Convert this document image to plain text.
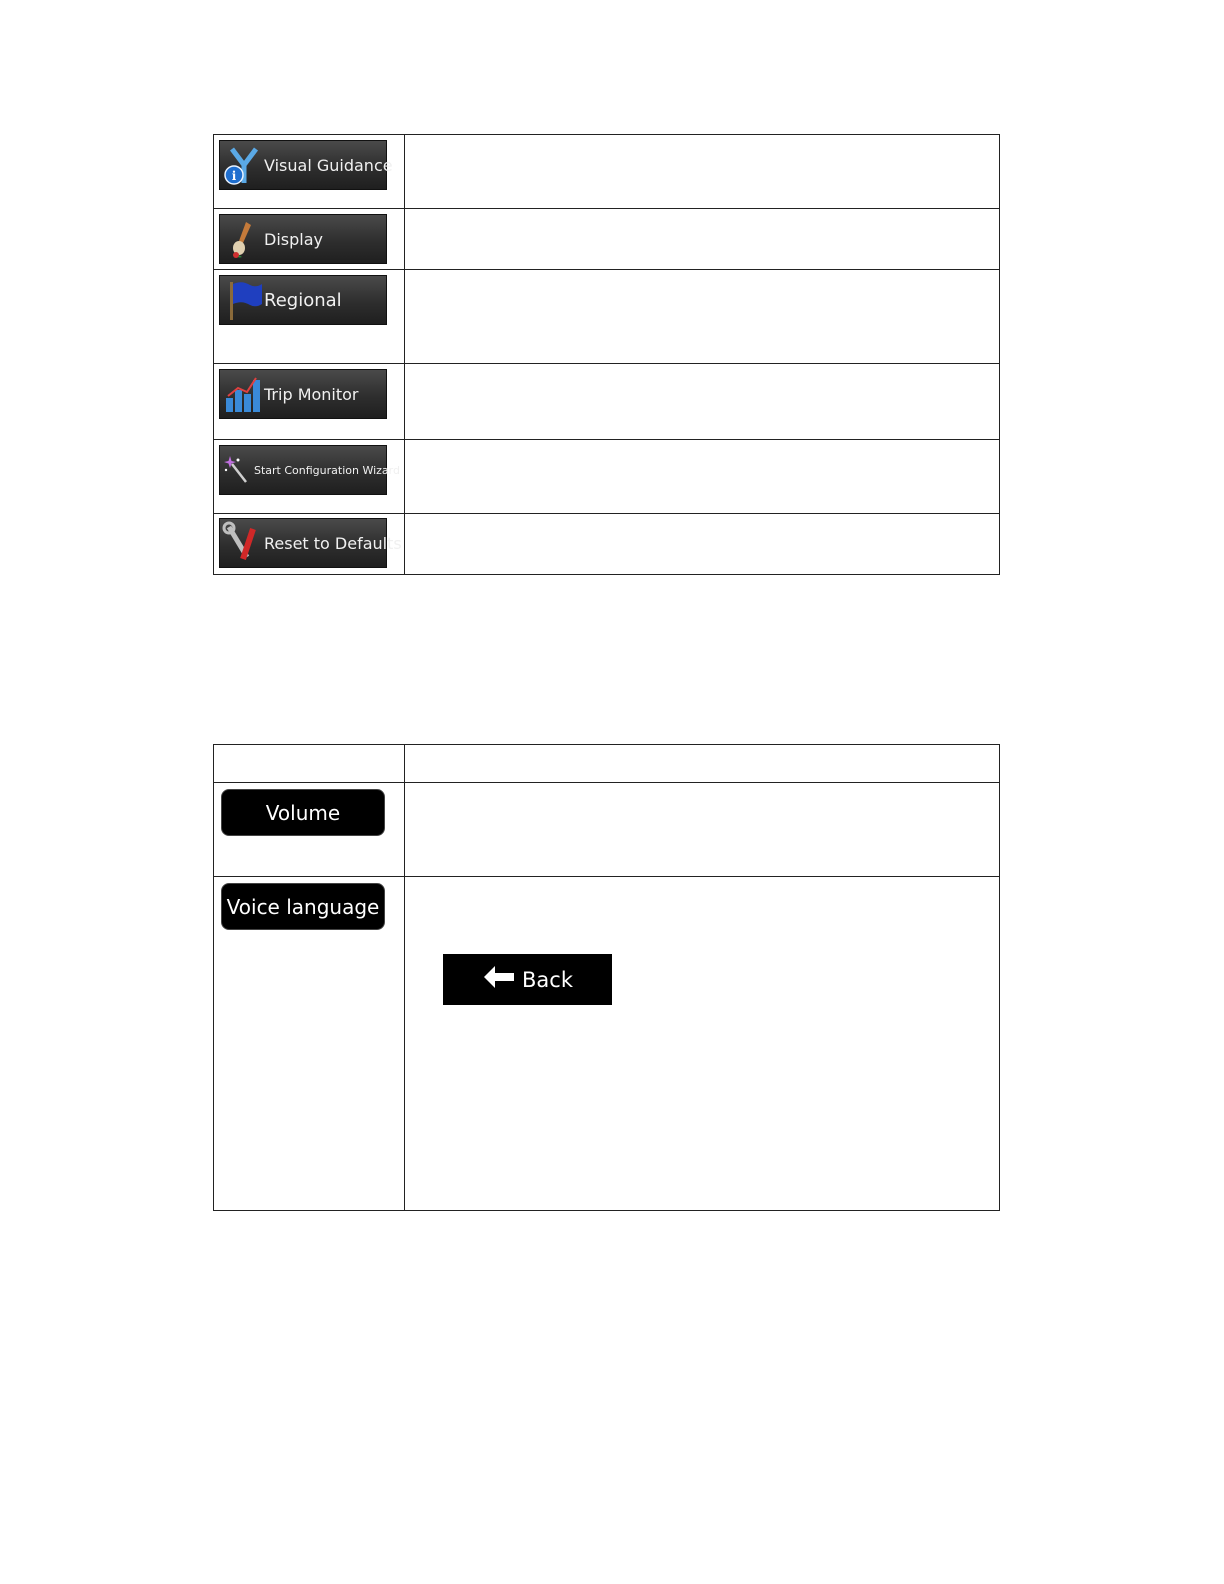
i
Visual Guidance	

Display	

Regional	

Trip Monitor	

Start Configuration Wizard	

Reset to Defaults	

Volume	

Voice language	Back
